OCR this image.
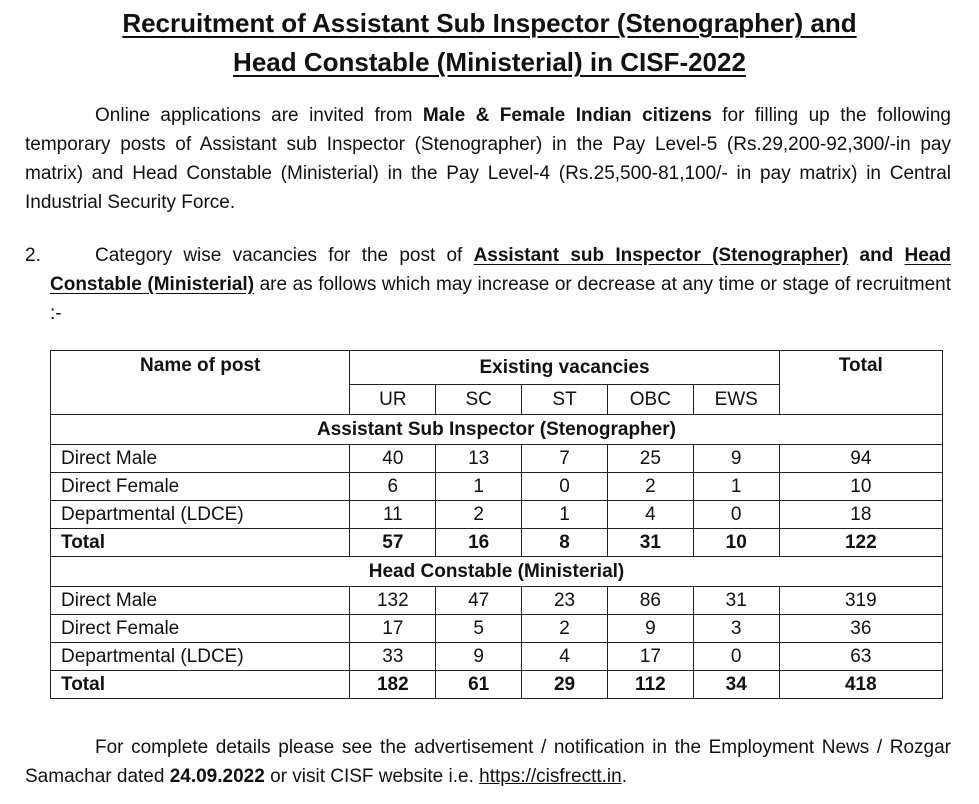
Recruitment of Assistant Sub Inspector (Stenographer) and
Head Constable (Ministerial) in CISF-2022
Online applications are invited from Male & Female Indian citizens for filling up the following temporary posts of Assistant sub Inspector (Stenographer) in the Pay Level-5 (Rs.29,200-92,300/-in pay matrix) and Head Constable (Ministerial) in the Pay Level-4 (Rs.25,500-81,100/- in pay matrix) in Central Industrial Security Force.
2.	Category wise vacancies for the post of Assistant sub Inspector (Stenographer) and Head Constable (Ministerial) are as follows which may increase or decrease at any time or stage of recruitment :-
Name of post	Existing vacancies					Total
	UR	SC	ST	OBC	EWS	
Assistant Sub Inspector (Stenographer)						
Direct Male	40	13	7	25	9	94
Direct Female	6	1	0	2	1	10
Departmental (LDCE)	11	2	1	4	0	18
Total	57	16	8	31	10	122
Head Constable (Ministerial)						
Direct Male	132	47	23	86	31	319
Direct Female	17	5	2	9	3	36
Departmental (LDCE)	33	9	4	17	0	63
Total	182	61	29	112	34	418
For complete details please see the advertisement / notification in the Employment News / Rozgar Samachar dated 24.09.2022 or visit CISF website i.e. https://cisfrectt.in.
